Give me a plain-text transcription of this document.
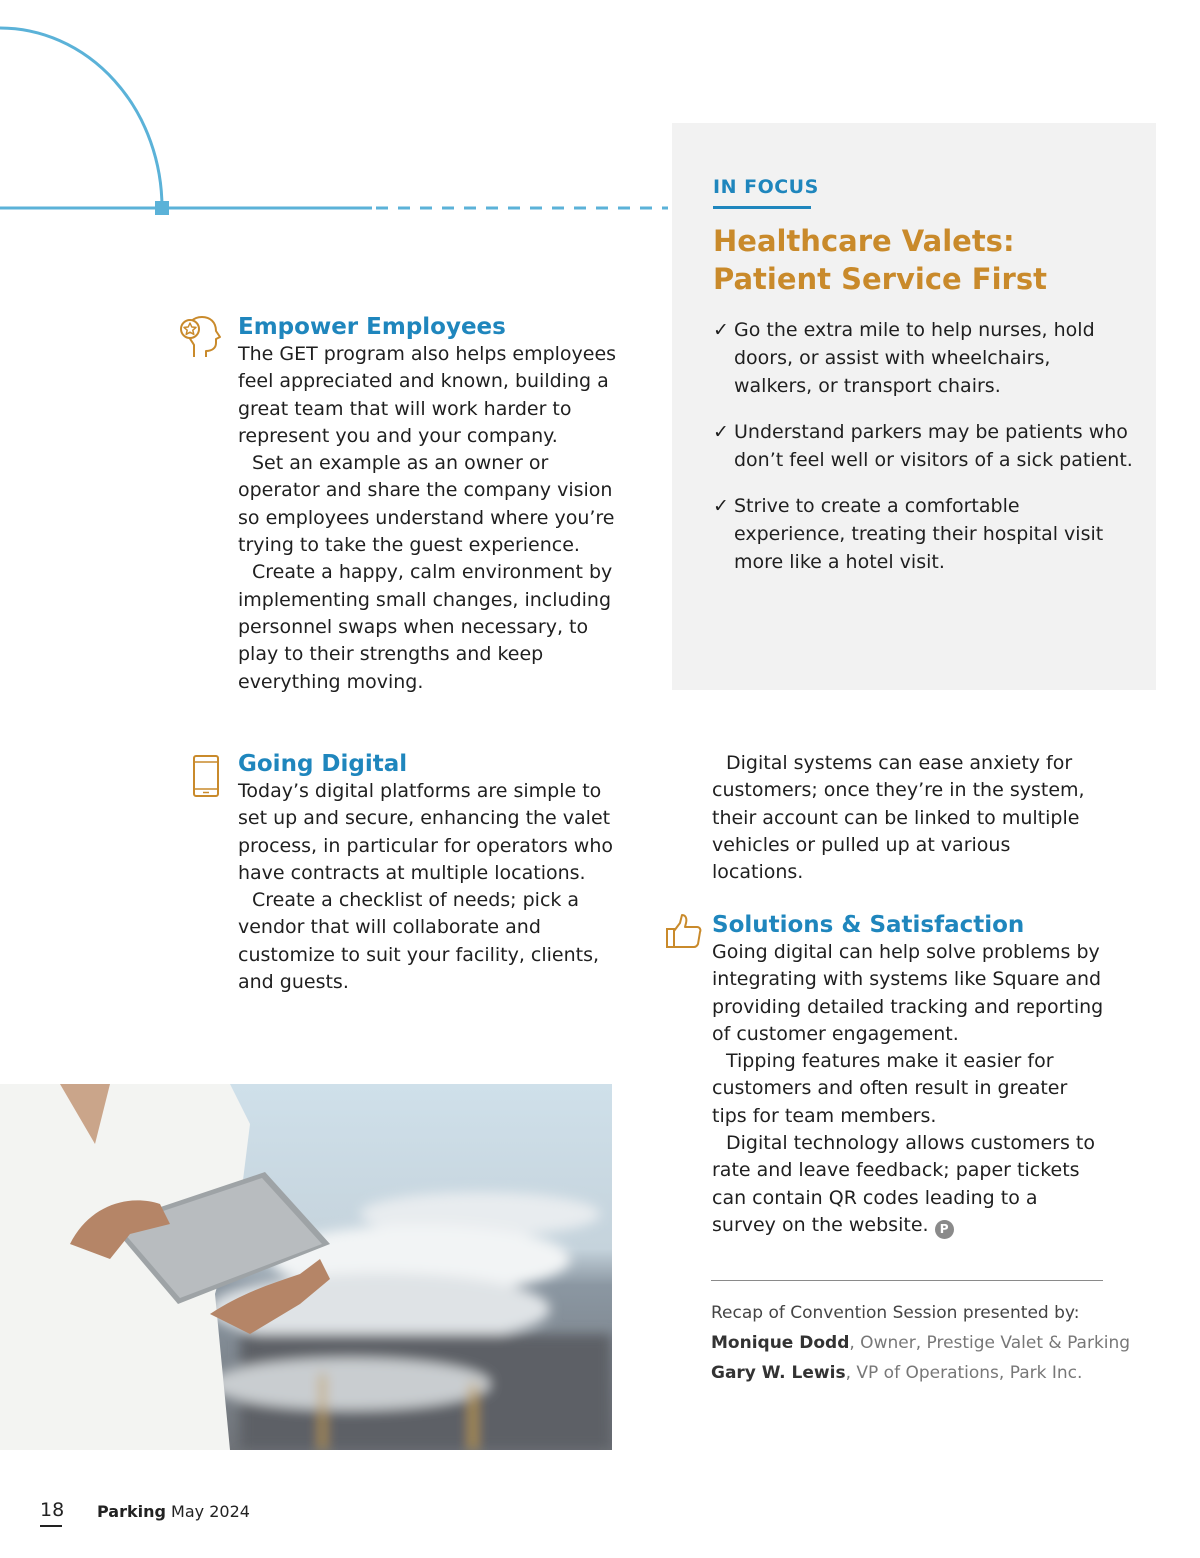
IN FOCUS
Healthcare Valets:
Patient Service First
✓ Go the extra mile to help nurses, hold doors, or assist with wheelchairs, walkers, or transport chairs.
✓ Understand parkers may be patients who don’t feel well or visitors of a sick patient.
✓ Strive to create a comfortable experience, treating their hospital visit more like a hotel visit.
Empower Employees

The GET program also helps employees feel appreciated and known, building a great team that will work harder to represent you and your company.

Set an example as an owner or operator and share the company vision so employees understand where you’re trying to take the guest experience.

Create a happy, calm environment by implementing small changes, including personnel swaps when necessary, to play to their strengths and keep everything moving.

Going Digital

Today’s digital platforms are simple to set up and secure, enhancing the valet process, in particular for operators who have contracts at multiple locations.

Create a checklist of needs; pick a vendor that will collaborate and customize to suit your facility, clients, and guests.

Digital systems can ease anxiety for customers; once they’re in the system, their account can be linked to multiple vehicles or pulled up at various locations.

Solutions & Satisfaction

Going digital can help solve problems by integrating with systems like Square and providing detailed tracking and reporting of customer engagement.

Tipping features make it easier for customers and often result in greater tips for team members.

Digital technology allows customers to rate and leave feedback; paper tickets can contain QR codes leading to a survey on the website. P

Recap of Convention Session presented by:
Monique Dodd, Owner, Prestige Valet & Parking
Gary W. Lewis, VP of Operations, Park Inc.
18 Parking May 2024
